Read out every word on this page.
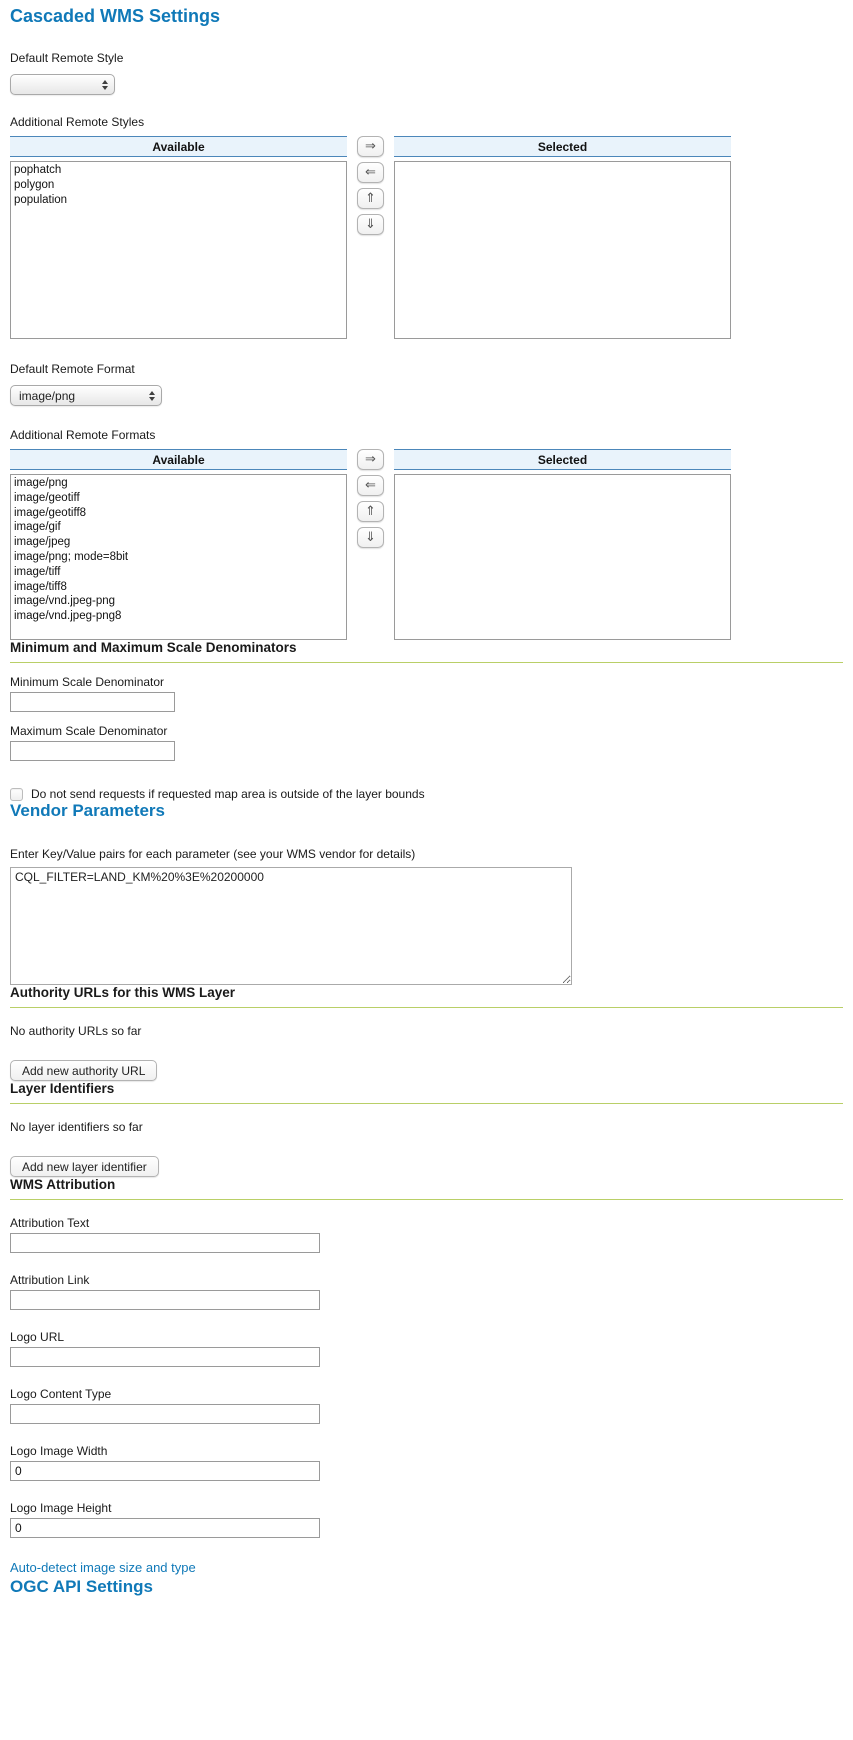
Cascaded WMS Settings
Default Remote Style
Additional Remote Styles
Available
pophatch
polygon
population
⇒
⇐
⇑
⇓
Selected
Default Remote Format
image/png
Additional Remote Formats
Available
image/png
image/geotiff
image/geotiff8
image/gif
image/jpeg
image/png; mode=8bit
image/tiff
image/tiff8
image/vnd.jpeg-png
image/vnd.jpeg-png8
⇒
⇐
⇑
⇓
Selected
Minimum and Maximum Scale Denominators
Minimum Scale Denominator
Maximum Scale Denominator
Do not send requests if requested map area is outside of the layer bounds
Vendor Parameters
Enter Key/Value pairs for each parameter (see your WMS vendor for details)
CQL_FILTER=LAND_KM%20%3E%20200000
Authority URLs for this WMS Layer
No authority URLs so far
Add new authority URL
Layer Identifiers
No layer identifiers so far
Add new layer identifier
WMS Attribution
Attribution Text
Attribution Link
Logo URL
Logo Content Type
Logo Image Width
0
Logo Image Height
0 Auto-detect image size and type
OGC API Settings
